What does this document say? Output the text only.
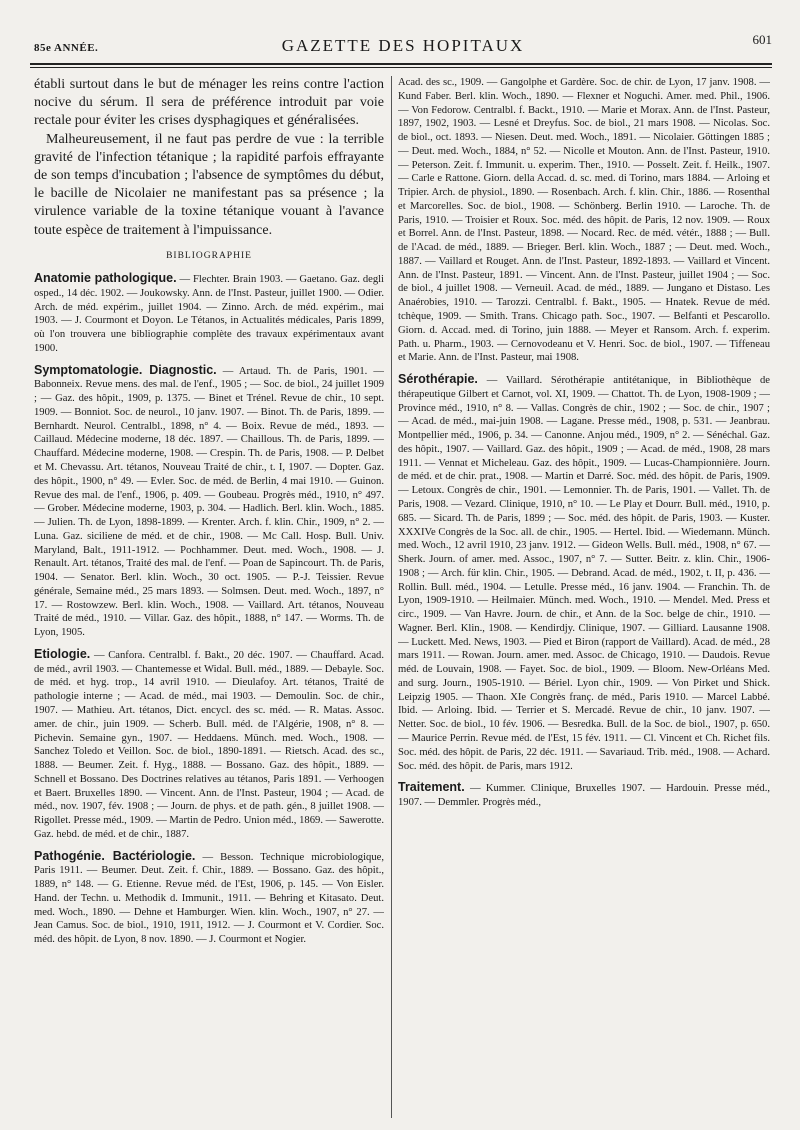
85e ANNÉE.	GAZETTE DES HOPITAUX	601

établi surtout dans le but de ménager les reins contre l'action nocive du sérum. Il sera de préférence introduit par voie rectale pour éviter les crises dysphagiques et généralisées.

Malheureusement, il ne faut pas perdre de vue : la terrible gravité de l'infection tétanique ; la rapidité parfois effrayante de son temps d'incubation ; l'absence de symptômes du début, le bacille de Nicolaier ne manifestant pas sa présence ; la virulence variable de la toxine tétanique vouant à l'avance toute espèce de traitement à l'impuissance.

BIBLIOGRAPHIE

Anatomie pathologique. — Flechter. Brain 1903. — Gaetano. Gaz. degli osped., 14 déc. 1902. — Joukowsky. Ann. de l'Inst. Pasteur, juillet 1900. — Odier. Arch. de méd. expérim., juillet 1904. — Zinno. Arch. de méd. expérim., mai 1903. — J. Courmont et Doyon. Le Tétanos, in Actualités médicales, Paris 1899, où l'on trouvera une bibliographie complète des travaux expérimentaux avant 1900.

Symptomatologie. Diagnostic. — Artaud. Th. de Paris, 1901. — Babonneix. Revue mens. des mal. de l'enf., 1905 ; — Soc. de biol., 24 juillet 1909 ; — Gaz. des hôpit., 1909, p. 1375. — Binet et Trénel. Revue de chir., 10 sept. 1909. — Bonniot. Soc. de neurol., 10 janv. 1907. — Binot. Th. de Paris, 1899. — Bernhardt. Neurol. Centralbl., 1898, n° 4. — Boix. Revue de méd., 1893. — Caillaud. Médecine moderne, 18 déc. 1897. — Chaillous. Th. de Paris, 1899. — Chauffard. Médecine moderne, 1908. — Crespin. Th. de Paris, 1908. — P. Delbet et M. Chevassu. Art. tétanos, Nouveau Traité de chir., t. I, 1907. — Dopter. Gaz. des hôpit., 1900, n° 49. — Evler. Soc. de méd. de Berlin, 4 mai 1910. — Guinon. Revue des mal. de l'enf., 1906, p. 409. — Goubeau. Progrès méd., 1910, n° 497. — Grober. Médecine moderne, 1903, p. 304. — Hadlich. Berl. klin. Woch., 1885. — Julien. Th. de Lyon, 1898-1899. — Krenter. Arch. f. klin. Chir., 1909, n° 2. — Luna. Gaz. siciliene de méd. et de chir., 1908. — Mc Call. Hosp. Bull. Univ. Maryland, Balt., 1911-1912. — Pochhammer. Deut. med. Woch., 1908. — J. Renault. Art. tétanos, Traité des mal. de l'enf. — Poan de Sapincourt. Th. de Paris, 1904. — Senator. Berl. klin. Woch., 30 oct. 1905. — P.-J. Teissier. Revue générale, Semaine méd., 25 mars 1893. — Solmsen. Deut. med. Woch., 1897, n° 17. — Rostowzew. Berl. klin. Woch., 1908. — Vaillard. Art. tétanos, Nouveau Traité de méd., 1910. — Villar. Gaz. des hôpit., 1888, n° 147. — Worms. Th. de Lyon, 1905.

Etiologie. — Canfora. Centralbl. f. Bakt., 20 déc. 1907. — Chauffard. Acad. de méd., avril 1903. — Chantemesse et Widal. Bull. méd., 1889. — Debayle. Soc. de méd. et hyg. trop., 14 avril 1910. — Dieulafoy. Art. tétanos, Traité de pathologie interne ; — Acad. de méd., mai 1903. — Demoulin. Soc. de chir., 1907. — Mathieu. Art. tétanos, Dict. encycl. des sc. méd. — R. Matas. Assoc. amer. de chir., juin 1909. — Scherb. Bull. méd. de l'Algérie, 1908, n° 8. — Pichevin. Semaine gyn., 1907. — Heddaens. Münch. med. Woch., 1908. — Sanchez Toledo et Veillon. Soc. de biol., 1890-1891. — Rietsch. Acad. des sc., 1888. — Beumer. Zeit. f. Hyg., 1888. — Bossano. Gaz. des hôpit., 1889. — Schnell et Bossano. Des Doctrines relatives au tétanos, Paris 1891. — Verhoogen et Baert. Bruxelles 1890. — Vincent. Ann. de l'Inst. Pasteur, 1904 ; — Acad. de méd., nov. 1907, fév. 1908 ; — Journ. de phys. et de path. gén., 8 juillet 1908. — Rigollet. Presse méd., 1909. — Martin de Pedro. Union méd., 1869. — Sawerotte. Gaz. hebd. de méd. et de chir., 1887.

Pathogénie. Bactériologie. — Besson. Technique microbiologique, Paris 1911. — Beumer. Deut. Zeit. f. Chir., 1889. — Bossano. Gaz. des hôpit., 1889, n° 148. — G. Etienne. Revue méd. de l'Est, 1906, p. 145. — Von Eisler. Hand. der Techn. u. Methodik d. Immunit., 1911. — Behring et Kitasato. Deut. med. Woch., 1890. — Dehne et Hamburger. Wien. klin. Woch., 1907, n° 27. — Jean Camus. Soc. de biol., 1910, 1911, 1912. — J. Courmont et V. Cordier. Soc. méd. des hôpit. de Lyon, 8 nov. 1890. — J. Courmont et Nogier.

Acad. des sc., 1909. — Gangolphe et Gardère. Soc. de chir. de Lyon, 17 janv. 1908. — Kund Faber. Berl. klin. Woch., 1890. — Flexner et Noguchi. Amer. med. Phil., 1906. — Von Fedorow. Centralbl. f. Backt., 1910. — Marie et Morax. Ann. de l'Inst. Pasteur, 1897, 1902, 1903. — Lesné et Dreyfus. Soc. de biol., 21 mars 1908. — Nicolas. Soc. de biol., oct. 1893. — Niesen. Deut. med. Woch., 1891. — Nicolaier. Göttingen 1885 ; — Deut. med. Woch., 1884, n° 52. — Nicolle et Mouton. Ann. de l'Inst. Pasteur, 1910. — Peterson. Zeit. f. Immunit. u. experim. Ther., 1910. — Posselt. Zeit. f. Heilk., 1907. — Carle e Rattone. Giorn. della Accad. d. sc. med. di Torino, mars 1884. — Arloing et Tripier. Arch. de physiol., 1890. — Rosenbach. Arch. f. klin. Chir., 1886. — Rosenthal et Marcorelles. Soc. de biol., 1908. — Schönberg. Berlin 1910. — Laroche. Th. de Paris, 1910. — Troisier et Roux. Soc. méd. des hôpit. de Paris, 12 nov. 1909. — Roux et Borrel. Ann. de l'Inst. Pasteur, 1898. — Nocard. Rec. de méd. vétér., 1888 ; — Bull. de l'Acad. de méd., 1889. — Brieger. Berl. klin. Woch., 1887 ; — Deut. med. Woch., 1887. — Vaillard et Rouget. Ann. de l'Inst. Pasteur, 1892-1893. — Vaillard et Vincent. Ann. de l'Inst. Pasteur, 1891. — Vincent. Ann. de l'Inst. Pasteur, juillet 1904 ; — Soc. de biol., 4 juillet 1908. — Verneuil. Acad. de méd., 1889. — Jungano et Distaso. Les Anaérobies, 1910. — Tarozzi. Centralbl. f. Bakt., 1905. — Hnatek. Revue de méd. tchèque, 1909. — Smith. Trans. Chicago path. Soc., 1907. — Belfanti et Pescarollo. Giorn. d. Accad. med. di Torino, juin 1888. — Meyer et Ransom. Arch. f. experim. Path. u. Pharm., 1903. — Cernovodeanu et V. Henri. Soc. de biol., 1907. — Tiffeneau et Marie. Ann. de l'Inst. Pasteur, mai 1908.

Sérothérapie. — Vaillard. Sérothérapie antitétanique, in Bibliothèque de thérapeutique Gilbert et Carnot, vol. XI, 1909. — Chattot. Th. de Lyon, 1908-1909 ; — Province méd., 1910, n° 8. — Vallas. Congrès de chir., 1902 ; — Soc. de chir., 1907 ; — Acad. de méd., mai-juin 1908. — Lagane. Presse méd., 1908, p. 531. — Jeanbrau. Montpellier méd., 1906, p. 34. — Canonne. Anjou méd., 1909, n° 2. — Sénéchal. Gaz. des hôpit., 1907. — Vaillard. Gaz. des hôpit., 1909 ; — Acad. de méd., 1908, 28 mars 1911. — Vennat et Micheleau. Gaz. des hôpit., 1909. — Lucas-Championnière. Journ. de méd. et de chir. prat., 1908. — Martin et Darré. Soc. méd. des hôpit. de Paris, 1909. — Letoux. Congrès de chir., 1901. — Lemonnier. Th. de Paris, 1901. — Vallet. Th. de Paris, 1908. — Vezard. Clinique, 1910, n° 10. — Le Play et Dourr. Bull. méd., 1910, p. 685. — Sicard. Th. de Paris, 1899 ; — Soc. méd. des hôpit. de Paris, 1903. — Kuster. XXXIVe Congrès de la Soc. all. de chir., 1905. — Hertel. Ibid. — Wiedemann. Münch. med. Woch., 12 avril 1910, 23 janv. 1912. — Gideon Wells. Bull. méd., 1908, n° 67. — Sherk. Journ. of amer. med. Assoc., 1907, n° 7. — Sutter. Beitr. z. klin. Chir., 1906-1908 ; — Arch. für klin. Chir., 1905. — Debrand. Acad. de méd., 1902, t. II, p. 436. — Rollin. Bull. méd., 1904. — Letulle. Presse méd., 16 janv. 1904. — Franchin. Th. de Lyon, 1909-1910. — Heilmaier. Münch. med. Woch., 1910. — Mendel. Med. Press et circ., 1909. — Van Havre. Journ. de chir., et Ann. de la Soc. belge de chir., 1910. — Wagner. Berl. Klin., 1908. — Kendirdjy. Clinique, 1907. — Gilliard. Lausanne 1908. — Luckett. Med. News, 1903. — Pied et Biron (rapport de Vaillard). Acad. de méd., 28 mars 1911. — Rowan. Journ. amer. med. Assoc. de Chicago, 1910. — Daudois. Revue méd. de Louvain, 1908. — Fayet. Soc. de biol., 1909. — Bloom. New-Orléans Med. and surg. Journ., 1905-1910. — Bériel. Lyon chir., 1909. — Von Pirket und Shick. Leipzig 1905. — Thaon. XIe Congrès franç. de méd., Paris 1910. — Marcel Labbé. Ibid. — Arloing. Ibid. — Terrier et S. Mercadé. Revue de chir., 10 janv. 1907. — Netter. Soc. de biol., 10 fév. 1906. — Besredka. Bull. de la Soc. de biol., 1907, p. 650. — Maurice Perrin. Revue méd. de l'Est, 15 fév. 1911. — Cl. Vincent et Ch. Richet fils. Soc. méd. des hôpit. de Paris, 22 déc. 1911. — Savariaud. Trib. méd., 1908. — Achard. Soc. méd. des hôpit. de Paris, mars 1912.

Traitement. — Kummer. Clinique, Bruxelles 1907. — Hardouin. Presse méd., 1907. — Demmler. Progrès méd.,
